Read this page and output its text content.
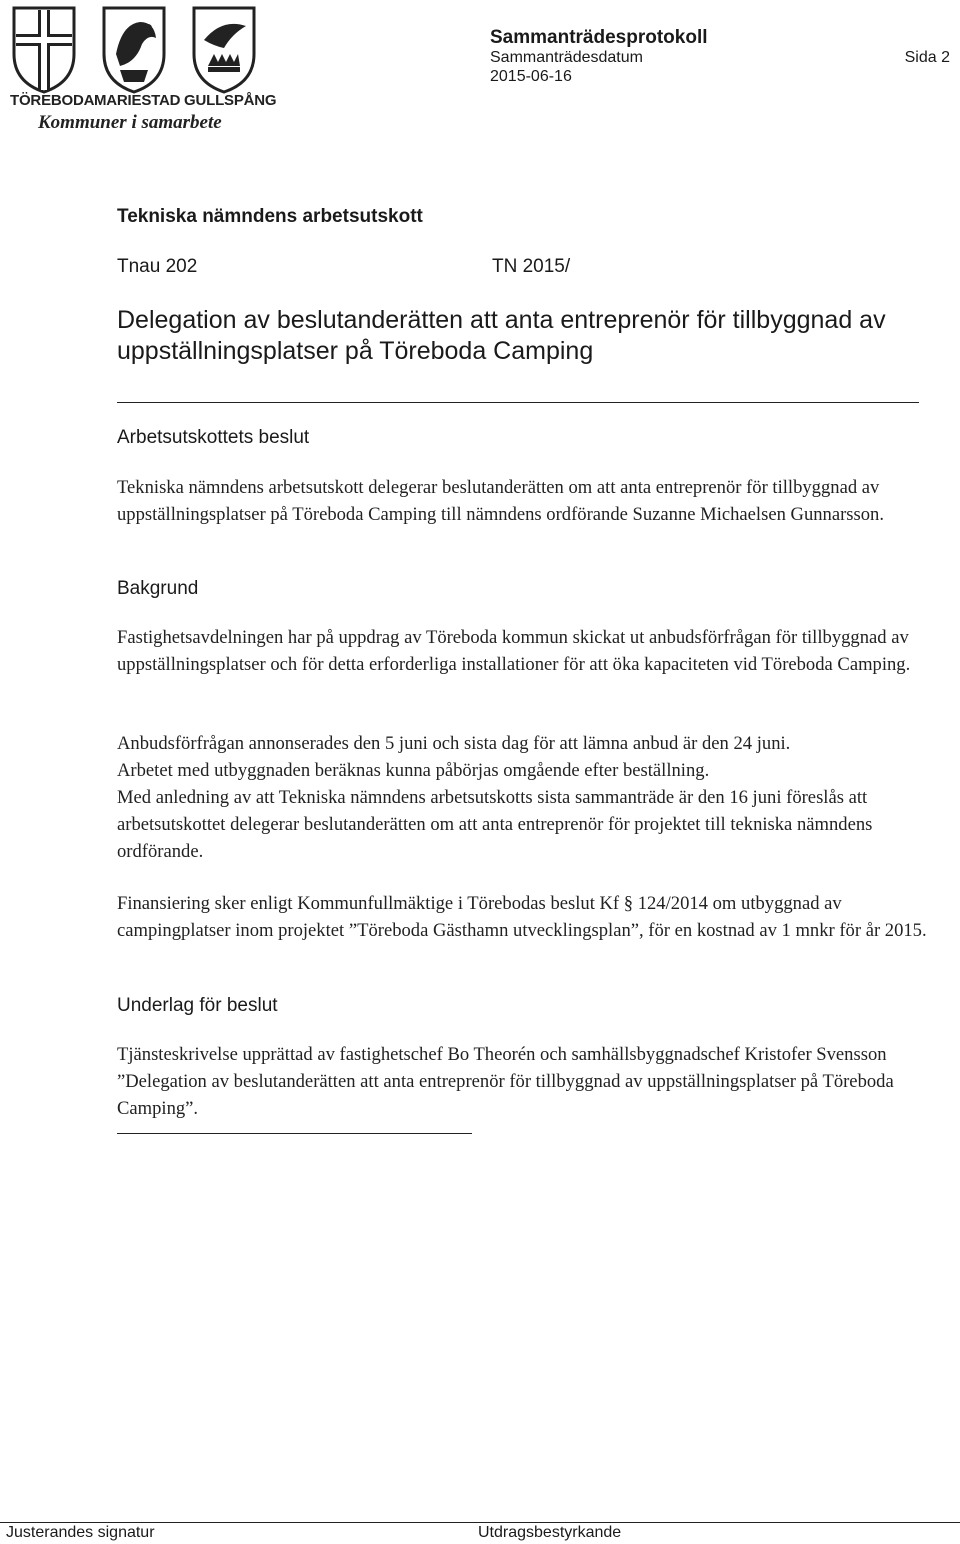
TÖREBODA MARIESTAD GULLSPÅNG
Kommuner i samarbete
Sammanträdesprotokoll
Sammanträdesdatum
2015-06-16
Sida 2
Tekniska nämndens arbetsutskott
Tnau 202	TN 2015/
Delegation av beslutanderätten att anta entreprenör för tillbyggnad av uppställningsplatser på Töreboda Camping
Arbetsutskottets beslut

Tekniska nämndens arbetsutskott delegerar beslutanderätten om att anta entreprenör för tillbyggnad av uppställningsplatser på Töreboda Camping till nämndens ordförande Suzanne Michaelsen Gunnarsson.

Bakgrund

Fastighetsavdelningen har på uppdrag av Töreboda kommun skickat ut anbudsförfrågan för tillbyggnad av uppställningsplatser och för detta erforderliga installationer för att öka kapaciteten vid Töreboda Camping.

Anbudsförfrågan annonserades den 5 juni och sista dag för att lämna anbud är den 24 juni.

Arbetet med utbyggnaden beräknas kunna påbörjas omgående efter beställning.

Med anledning av att Tekniska nämndens arbetsutskotts sista sammanträde är den 16 juni föreslås att arbetsutskottet delegerar beslutanderätten om att anta entreprenör för projektet till tekniska nämndens ordförande.

Finansiering sker enligt Kommunfullmäktige i Törebodas beslut Kf § 124/2014 om utbyggnad av campingplatser inom projektet ”Töreboda Gästhamn utvecklingsplan”, för en kostnad av 1 mnkr för år 2015.

Underlag för beslut

Tjänsteskrivelse upprättad av fastighetschef Bo Theorén och samhällsbyggnadschef Kristofer Svensson ”Delegation av beslutanderätten att anta entreprenör för tillbyggnad av uppställningsplatser på Töreboda Camping”.

Justerandes signatur	Utdragsbestyrkande
